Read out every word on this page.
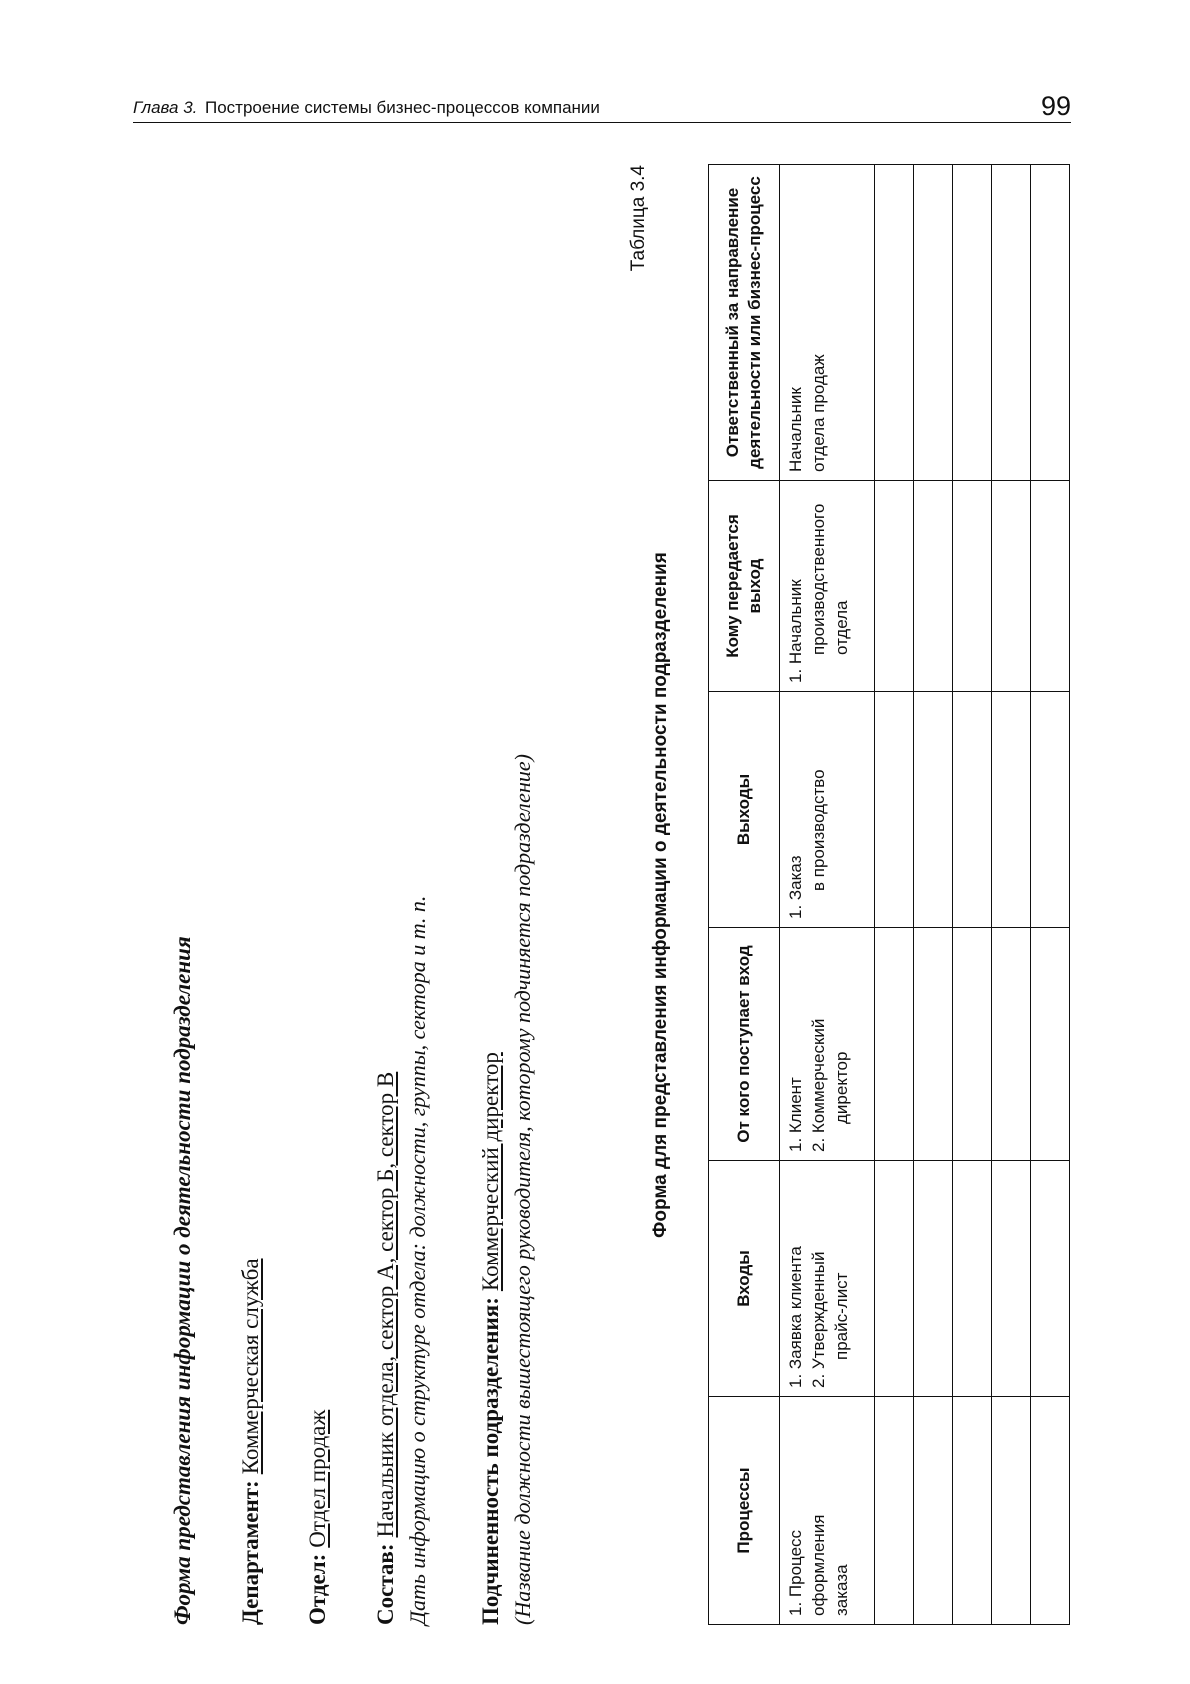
Глава 3. Построение системы бизнес-процессов компании	99
Форма представления информации о деятельности подразделения Департамент:Коммерческая служба
Отдел:Отдел продаж
Состав:Начальник отдела, сектор А, сектор Б, сектор В Дать информацию о структуре отдела: должности, группы, сектора и т. п. Подчиненность подразделения:Коммерческий директор (Название должности вышестоящего руководителя, которому подчиняется подразделение)
Таблица 3.4
Форма для представления информации о деятельности подразделения
Процессы	Входы	От кого поступает вход	Выходы	Кому передается выход	Ответственный за направление деятельности или бизнес-процесс

1. Процесс оформления заказа	1. Заявка клиента 2. Утвержденный прайс-лист	1. Клиент 2. Коммерческий директор	1. Заказ в производство	1. Начальник производственного отдела	Начальник отдела продаж
